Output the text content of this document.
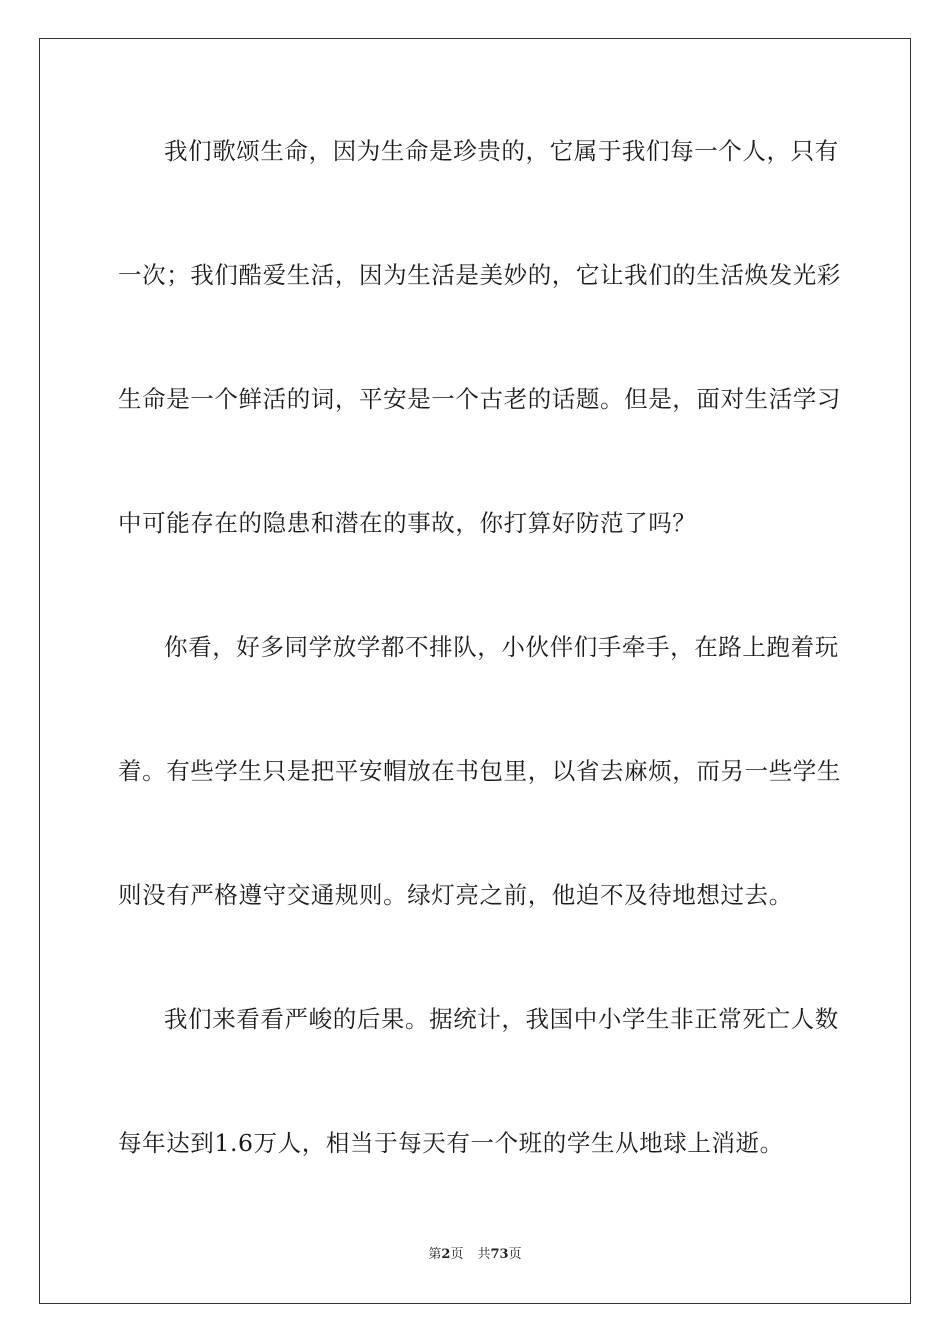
我们歌颂生命，因为生命是珍贵的，它属于我们每一个人，只有
一次；我们酷爱生活，因为生活是美妙的，它让我们的生活焕发光彩
生命是一个鲜活的词，平安是一个古老的话题。但是，面对生活学习
中可能存在的隐患和潜在的事故，你打算好防范了吗？
你看，好多同学放学都不排队，小伙伴们手牵手，在路上跑着玩
着。有些学生只是把平安帽放在书包里，以省去麻烦，而另一些学生
则没有严格遵守交通规则。绿灯亮之前，他迫不及待地想过去。
我们来看看严峻的后果。据统计，我国中小学生非正常死亡人数
每年达到1.6万人，相当于每天有一个班的学生从地球上消逝。
第2页 共73页
